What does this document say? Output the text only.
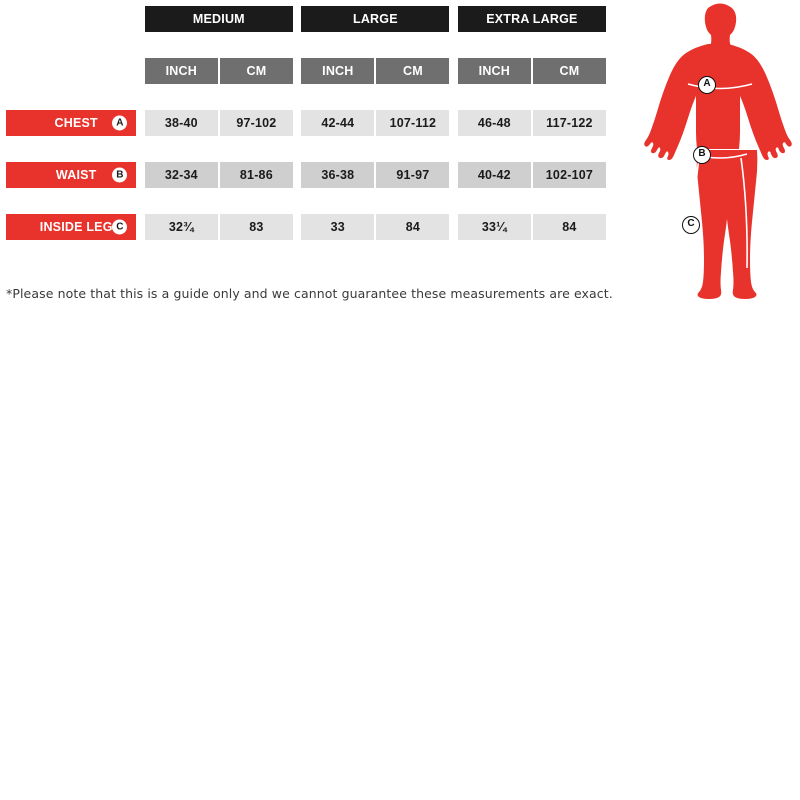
		MEDIUM			LARGE			EXTRA LARGE	

		INCH	CM		INCH	CM		INCH	CM

CHEST A		38-40	97-102		42-44	107-112		46-48	117-122

WAIST B		32-34	81-86		36-38	91-97		40-42	102-107

INSIDE LEG C		32¾	83		33	84		33¼	84
*Please note that this is a guide only and we cannot guarantee these measurements are exact.
A
B
C
